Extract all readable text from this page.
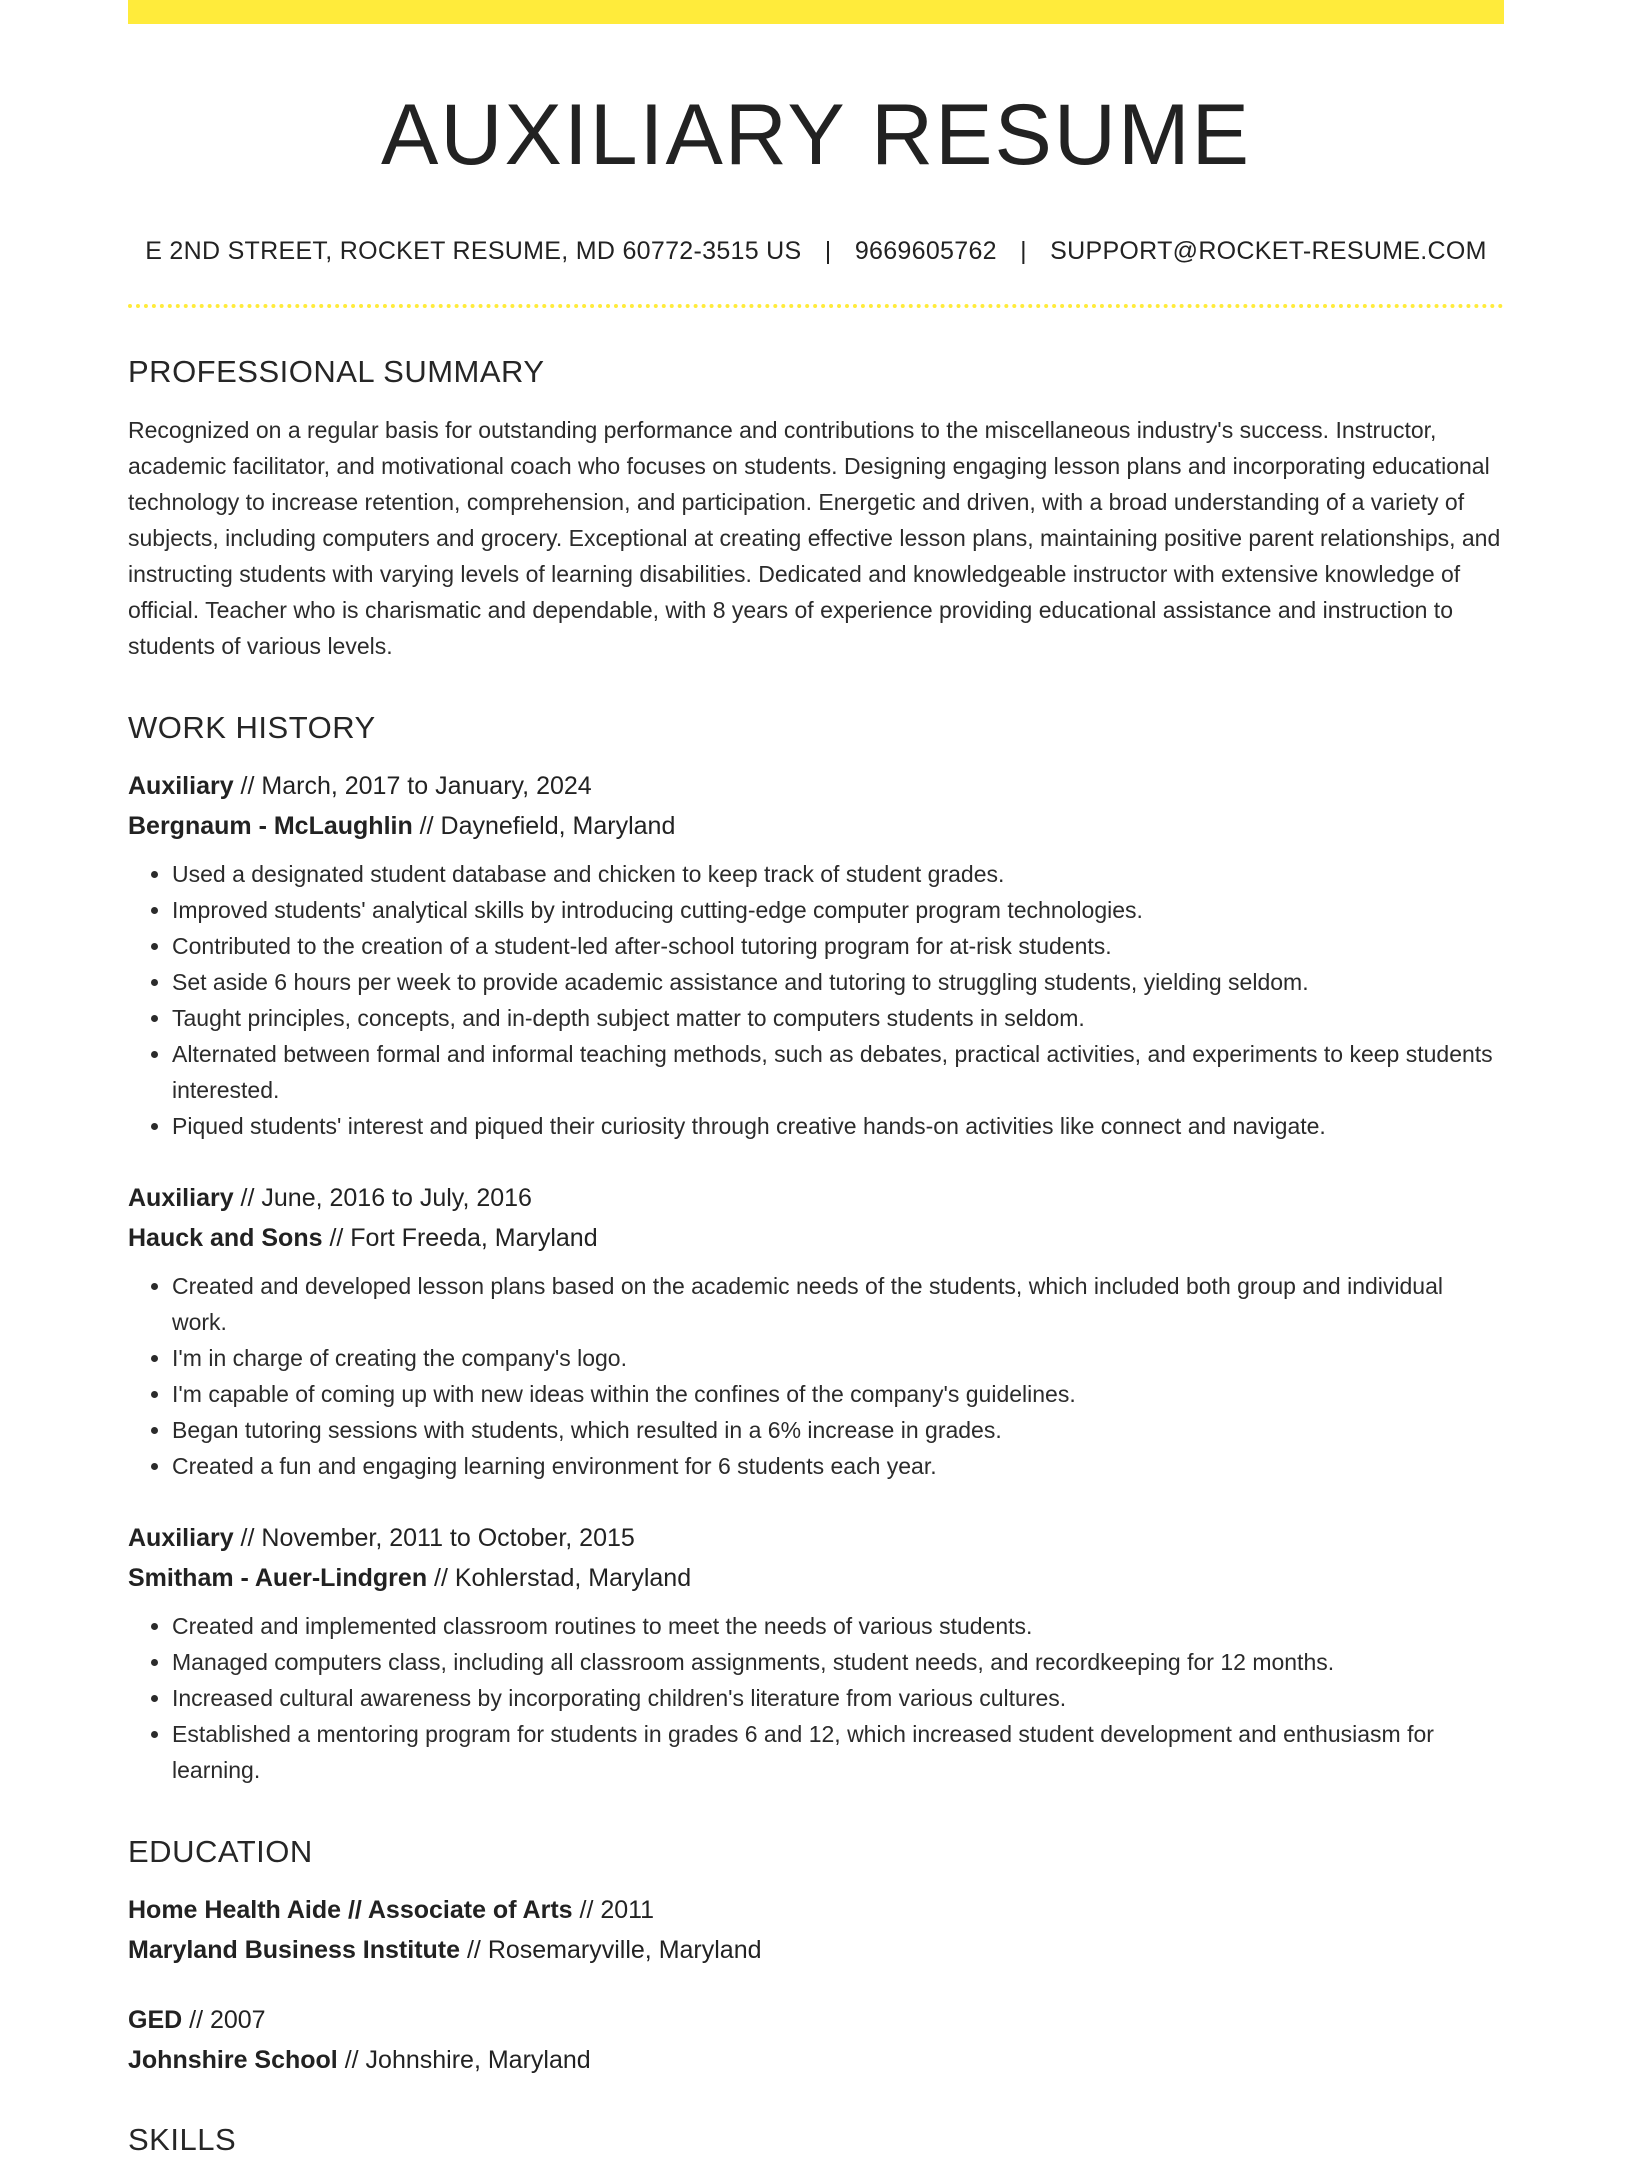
AUXILIARY RESUME
E 2ND STREET, ROCKET RESUME, MD 60772-3515 US | 9669605762 | SUPPORT@ROCKET-RESUME.COM
PROFESSIONAL SUMMARY
Recognized on a regular basis for outstanding performance and contributions to the miscellaneous industry's success. Instructor, academic facilitator, and motivational coach who focuses on students. Designing engaging lesson plans and incorporating educational technology to increase retention, comprehension, and participation. Energetic and driven, with a broad understanding of a variety of subjects, including computers and grocery. Exceptional at creating effective lesson plans, maintaining positive parent relationships, and instructing students with varying levels of learning disabilities. Dedicated and knowledgeable instructor with extensive knowledge of official. Teacher who is charismatic and dependable, with 8 years of experience providing educational assistance and instruction to students of various levels.
WORK HISTORY
Auxiliary // March, 2017 to January, 2024
Bergnaum - McLaughlin // Daynefield, Maryland
• Used a designated student database and chicken to keep track of student grades.
• Improved students' analytical skills by introducing cutting-edge computer program technologies.
• Contributed to the creation of a student-led after-school tutoring program for at-risk students.
• Set aside 6 hours per week to provide academic assistance and tutoring to struggling students, yielding seldom.
• Taught principles, concepts, and in-depth subject matter to computers students in seldom.
• Alternated between formal and informal teaching methods, such as debates, practical activities, and experiments to keep students interested.
• Piqued students' interest and piqued their curiosity through creative hands-on activities like connect and navigate.
Auxiliary // June, 2016 to July, 2016
Hauck and Sons // Fort Freeda, Maryland
• Created and developed lesson plans based on the academic needs of the students, which included both group and individual work.
• I'm in charge of creating the company's logo.
• I'm capable of coming up with new ideas within the confines of the company's guidelines.
• Began tutoring sessions with students, which resulted in a 6% increase in grades.
• Created a fun and engaging learning environment for 6 students each year.
Auxiliary // November, 2011 to October, 2015
Smitham - Auer-Lindgren // Kohlerstad, Maryland
• Created and implemented classroom routines to meet the needs of various students.
• Managed computers class, including all classroom assignments, student needs, and recordkeeping for 12 months.
• Increased cultural awareness by incorporating children's literature from various cultures.
• Established a mentoring program for students in grades 6 and 12, which increased student development and enthusiasm for learning.
EDUCATION
Home Health Aide // Associate of Arts // 2011
Maryland Business Institute // Rosemaryville, Maryland
GED // 2007
Johnshire School // Johnshire, Maryland
SKILLS
